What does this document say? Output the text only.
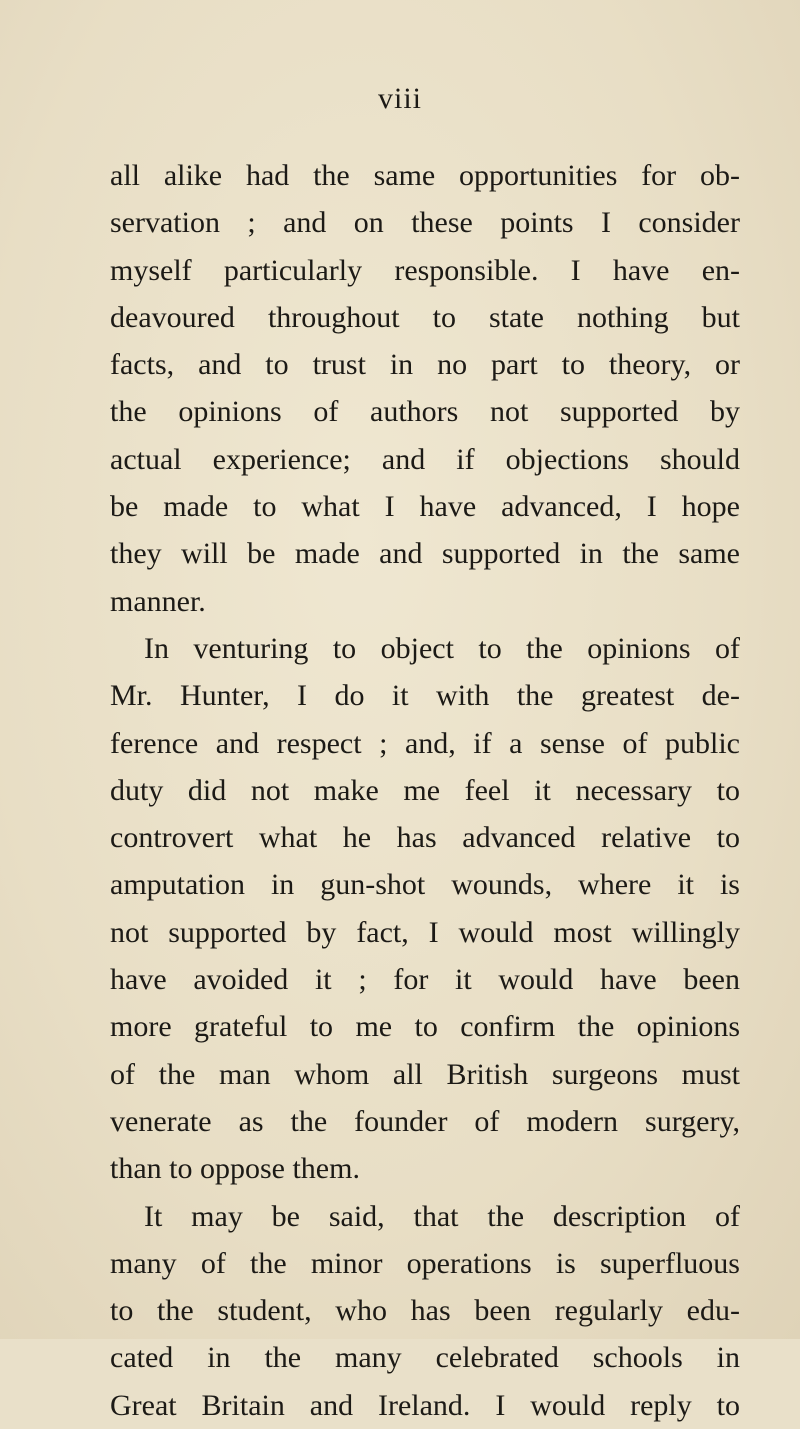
viii
all alike had the same opportunities for ob-
servation ; and on these points I consider
myself particularly responsible. I have en-
deavoured throughout to state nothing but
facts, and to trust in no part to theory, or
the opinions of authors not supported by
actual experience; and if objections should
be made to what I have advanced, I hope
they will be made and supported in the same
manner.
In venturing to object to the opinions of
Mr. Hunter, I do it with the greatest de-
ference and respect ; and, if a sense of public
duty did not make me feel it necessary to
controvert what he has advanced relative to
amputation in gun-shot wounds, where it is
not supported by fact, I would most willingly
have avoided it ; for it would have been
more grateful to me to confirm the opinions
of the man whom all British surgeons must
venerate as the founder of modern surgery,
than to oppose them.
It may be said, that the description of
many of the minor operations is superfluous
to the student, who has been regularly edu-
cated in the many celebrated schools in
Great Britain and Ireland. I would reply to
